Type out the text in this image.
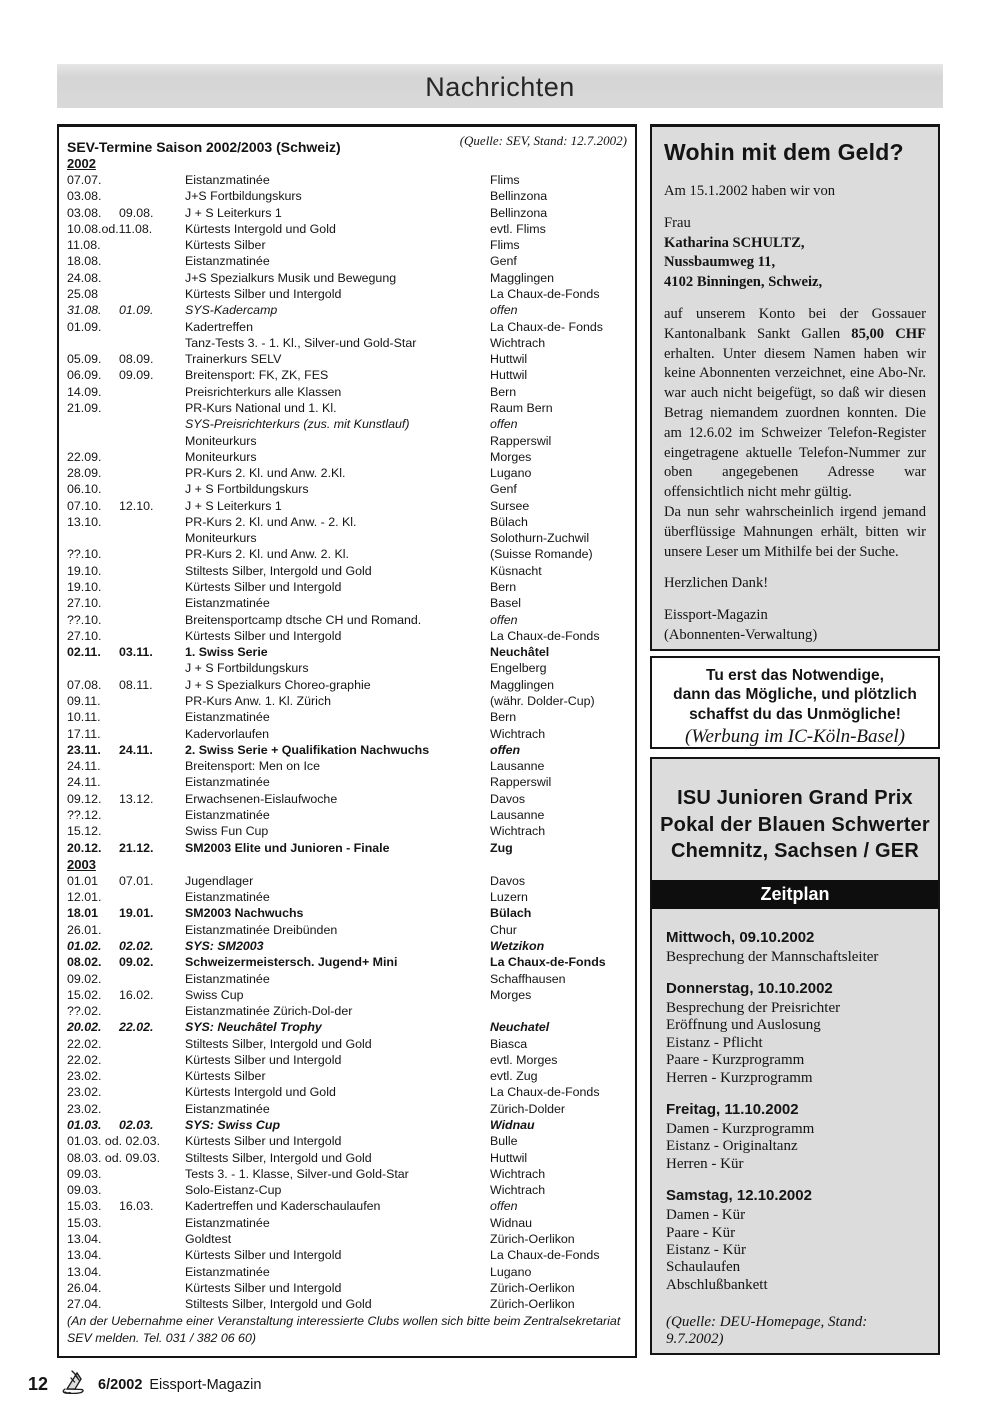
Nachrichten
SEV-Termine Saison 2002/2003 (Schweiz)	(Quelle: SEV, Stand: 12.7.2002)
2002
07.07.	Eistanzmatinée	Flims
03.08.	J+S Fortbildungskurs	Bellinzona
03.08.	09.08.	J + S Leiterkurs 1	Bellinzona
10.08.od.11.08.	Kürtests Intergold und Gold	evtl. Flims
11.08.	Kürtests Silber	Flims
18.08.	Eistanzmatinée	Genf
24.08.	J+S Spezialkurs Musik und Bewegung	Magglingen
25.08	Kürtests Silber und Intergold	La Chaux-de-Fonds
31.08.	01.09.	SYS-Kadercamp	offen
01.09.	Kadertreffen	La Chaux-de- Fonds
Tanz-Tests 3. - 1. Kl., Silver-und Gold-Star	Wichtrach
05.09.	08.09.	Trainerkurs SELV	Huttwil
06.09.	09.09.	Breitensport: FK, ZK, FES	Huttwil
14.09.	Preisrichterkurs alle Klassen	Bern
21.09.	PR-Kurs National und 1. Kl.	Raum Bern
SYS-Preisrichterkurs (zus. mit Kunstlauf)	offen
Moniteurkurs	Rapperswil
22.09.	Moniteurkurs	Morges
28.09.	PR-Kurs 2. Kl. und Anw. 2.Kl.	Lugano
06.10.	J + S Fortbildungskurs	Genf
07.10.	12.10.	J + S Leiterkurs 1	Sursee
13.10.	PR-Kurs 2. Kl. und Anw. - 2. Kl.	Bülach
Moniteurkurs	Solothurn-Zuchwil
??.10.	PR-Kurs 2. Kl. und Anw. 2. Kl.	(Suisse Romande)
19.10.	Stiltests Silber, Intergold und Gold	Küsnacht
19.10.	Kürtests Silber und Intergold	Bern
27.10.	Eistanzmatinée	Basel
??.10.	Breitensportcamp dtsche CH und Romand.	offen
27.10.	Kürtests Silber und Intergold	La Chaux-de-Fonds
02.11.	03.11.	1. Swiss Serie	Neuchâtel
J + S Fortbildungskurs	Engelberg
07.08.	08.11.	J + S Spezialkurs Choreo-graphie	Magglingen
09.11.	PR-Kurs Anw. 1. Kl. Zürich	(währ. Dolder-Cup)
10.11.	Eistanzmatinée	Bern
17.11.	Kadervorlaufen	Wichtrach
23.11.	24.11.	2. Swiss Serie + Qualifikation Nachwuchs	offen
24.11.	Breitensport: Men on Ice	Lausanne
24.11.	Eistanzmatinée	Rapperswil
09.12.	13.12.	Erwachsenen-Eislaufwoche	Davos
??.12.	Eistanzmatinée	Lausanne
15.12.	Swiss Fun Cup	Wichtrach
20.12.	21.12.	SM2003 Elite und Junioren - Finale	Zug
2003
01.01	07.01.	Jugendlager	Davos
12.01.	Eistanzmatinée	Luzern
18.01	19.01.	SM2003 Nachwuchs	Bülach
26.01.	Eistanzmatinée Dreibünden	Chur
01.02.	02.02.	SYS: SM2003	Wetzikon
08.02.	09.02.	Schweizermeistersch. Jugend+ Mini	La Chaux-de-Fonds
09.02.	Eistanzmatinée	Schaffhausen
15.02.	16.02.	Swiss Cup	Morges
??.02.	Eistanzmatinée Zürich-Dol-der
20.02.	22.02.	SYS: Neuchâtel Trophy	Neuchatel
22.02.	Stiltests Silber, Intergold und Gold	Biasca
22.02.	Kürtests Silber und Intergold	evtl. Morges
23.02.	Kürtests Silber	evtl. Zug
23.02.	Kürtests Intergold und Gold	La Chaux-de-Fonds
23.02.	Eistanzmatinée	Zürich-Dolder
01.03.	02.03.	SYS: Swiss Cup	Widnau
01.03. od. 02.03. Kürtests Silber und Intergold	Bulle
08.03. od. 09.03. Stiltests Silber, Intergold und Gold	Huttwil
09.03.	Tests 3. - 1. Klasse, Silver-und Gold-Star	Wichtrach
09.03.	Solo-Eistanz-Cup	Wichtrach
15.03.	16.03.	Kadertreffen und Kaderschaulaufen	offen
15.03.	Eistanzmatinée	Widnau
13.04.	Goldtest	Zürich-Oerlikon
13.04.	Kürtests Silber und Intergold	La Chaux-de-Fonds
13.04.	Eistanzmatinée	Lugano
26.04.	Kürtests Silber und Intergold	Zürich-Oerlikon
27.04.	Stiltests Silber, Intergold und Gold	Zürich-Oerlikon
(An der Uebernahme einer Veranstaltung interessierte Clubs wollen sich bitte beim Zentralsekretariat SEV melden. Tel. 031 / 382 06 60)
Wohin mit dem Geld?

Am 15.1.2002 haben wir von

Frau

Katharina SCHULTZ,

Nussbaumweg 11,

4102 Binningen, Schweiz,

auf unserem Konto bei der Gossauer Kantonalbank Sankt Gallen 85,00 CHF erhalten. Unter diesem Namen haben wir keine Abonnenten verzeichnet, eine Abo-Nr. war auch nicht beigefügt, so daß wir diesen Betrag niemandem zuordnen konnten. Die am 12.6.02 im Schweizer Telefon-Register eingetragene aktuelle Telefon-Nummer zur oben angegebenen Adresse war offensichtlich nicht mehr gültig.

Da nun sehr wahrscheinlich irgend jemand überflüssige Mahnungen erhält, bitten wir unsere Leser um Mithilfe bei der Suche.

Herzlichen Dank!

Eissport-Magazin

(Abonnenten-Verwaltung)

Tu erst das Notwendige,
dann das Mögliche, und plötzlich
schaffst du das Unmögliche!
(Werbung im IC-Köln-Basel)
ISU Junioren Grand Prix
Pokal der Blauen Schwerter
Chemnitz, Sachsen / GER
Zeitplan
Mittwoch, 09.10.2002
Besprechung der Mannschaftsleiter
Donnerstag, 10.10.2002
Besprechung der Preisrichter
Eröffnung und Auslosung
Eistanz - Pflicht
Paare - Kurzprogramm
Herren - Kurzprogramm
Freitag, 11.10.2002
Damen - Kurzprogramm
Eistanz - Originaltanz
Herren - Kür
Samstag, 12.10.2002
Damen - Kür
Paare - Kür
Eistanz - Kür
Schaulaufen
Abschlußbankett
(Quelle: DEU-Homepage, Stand: 9.7.2002)
12	6/2002 Eissport-Magazin
